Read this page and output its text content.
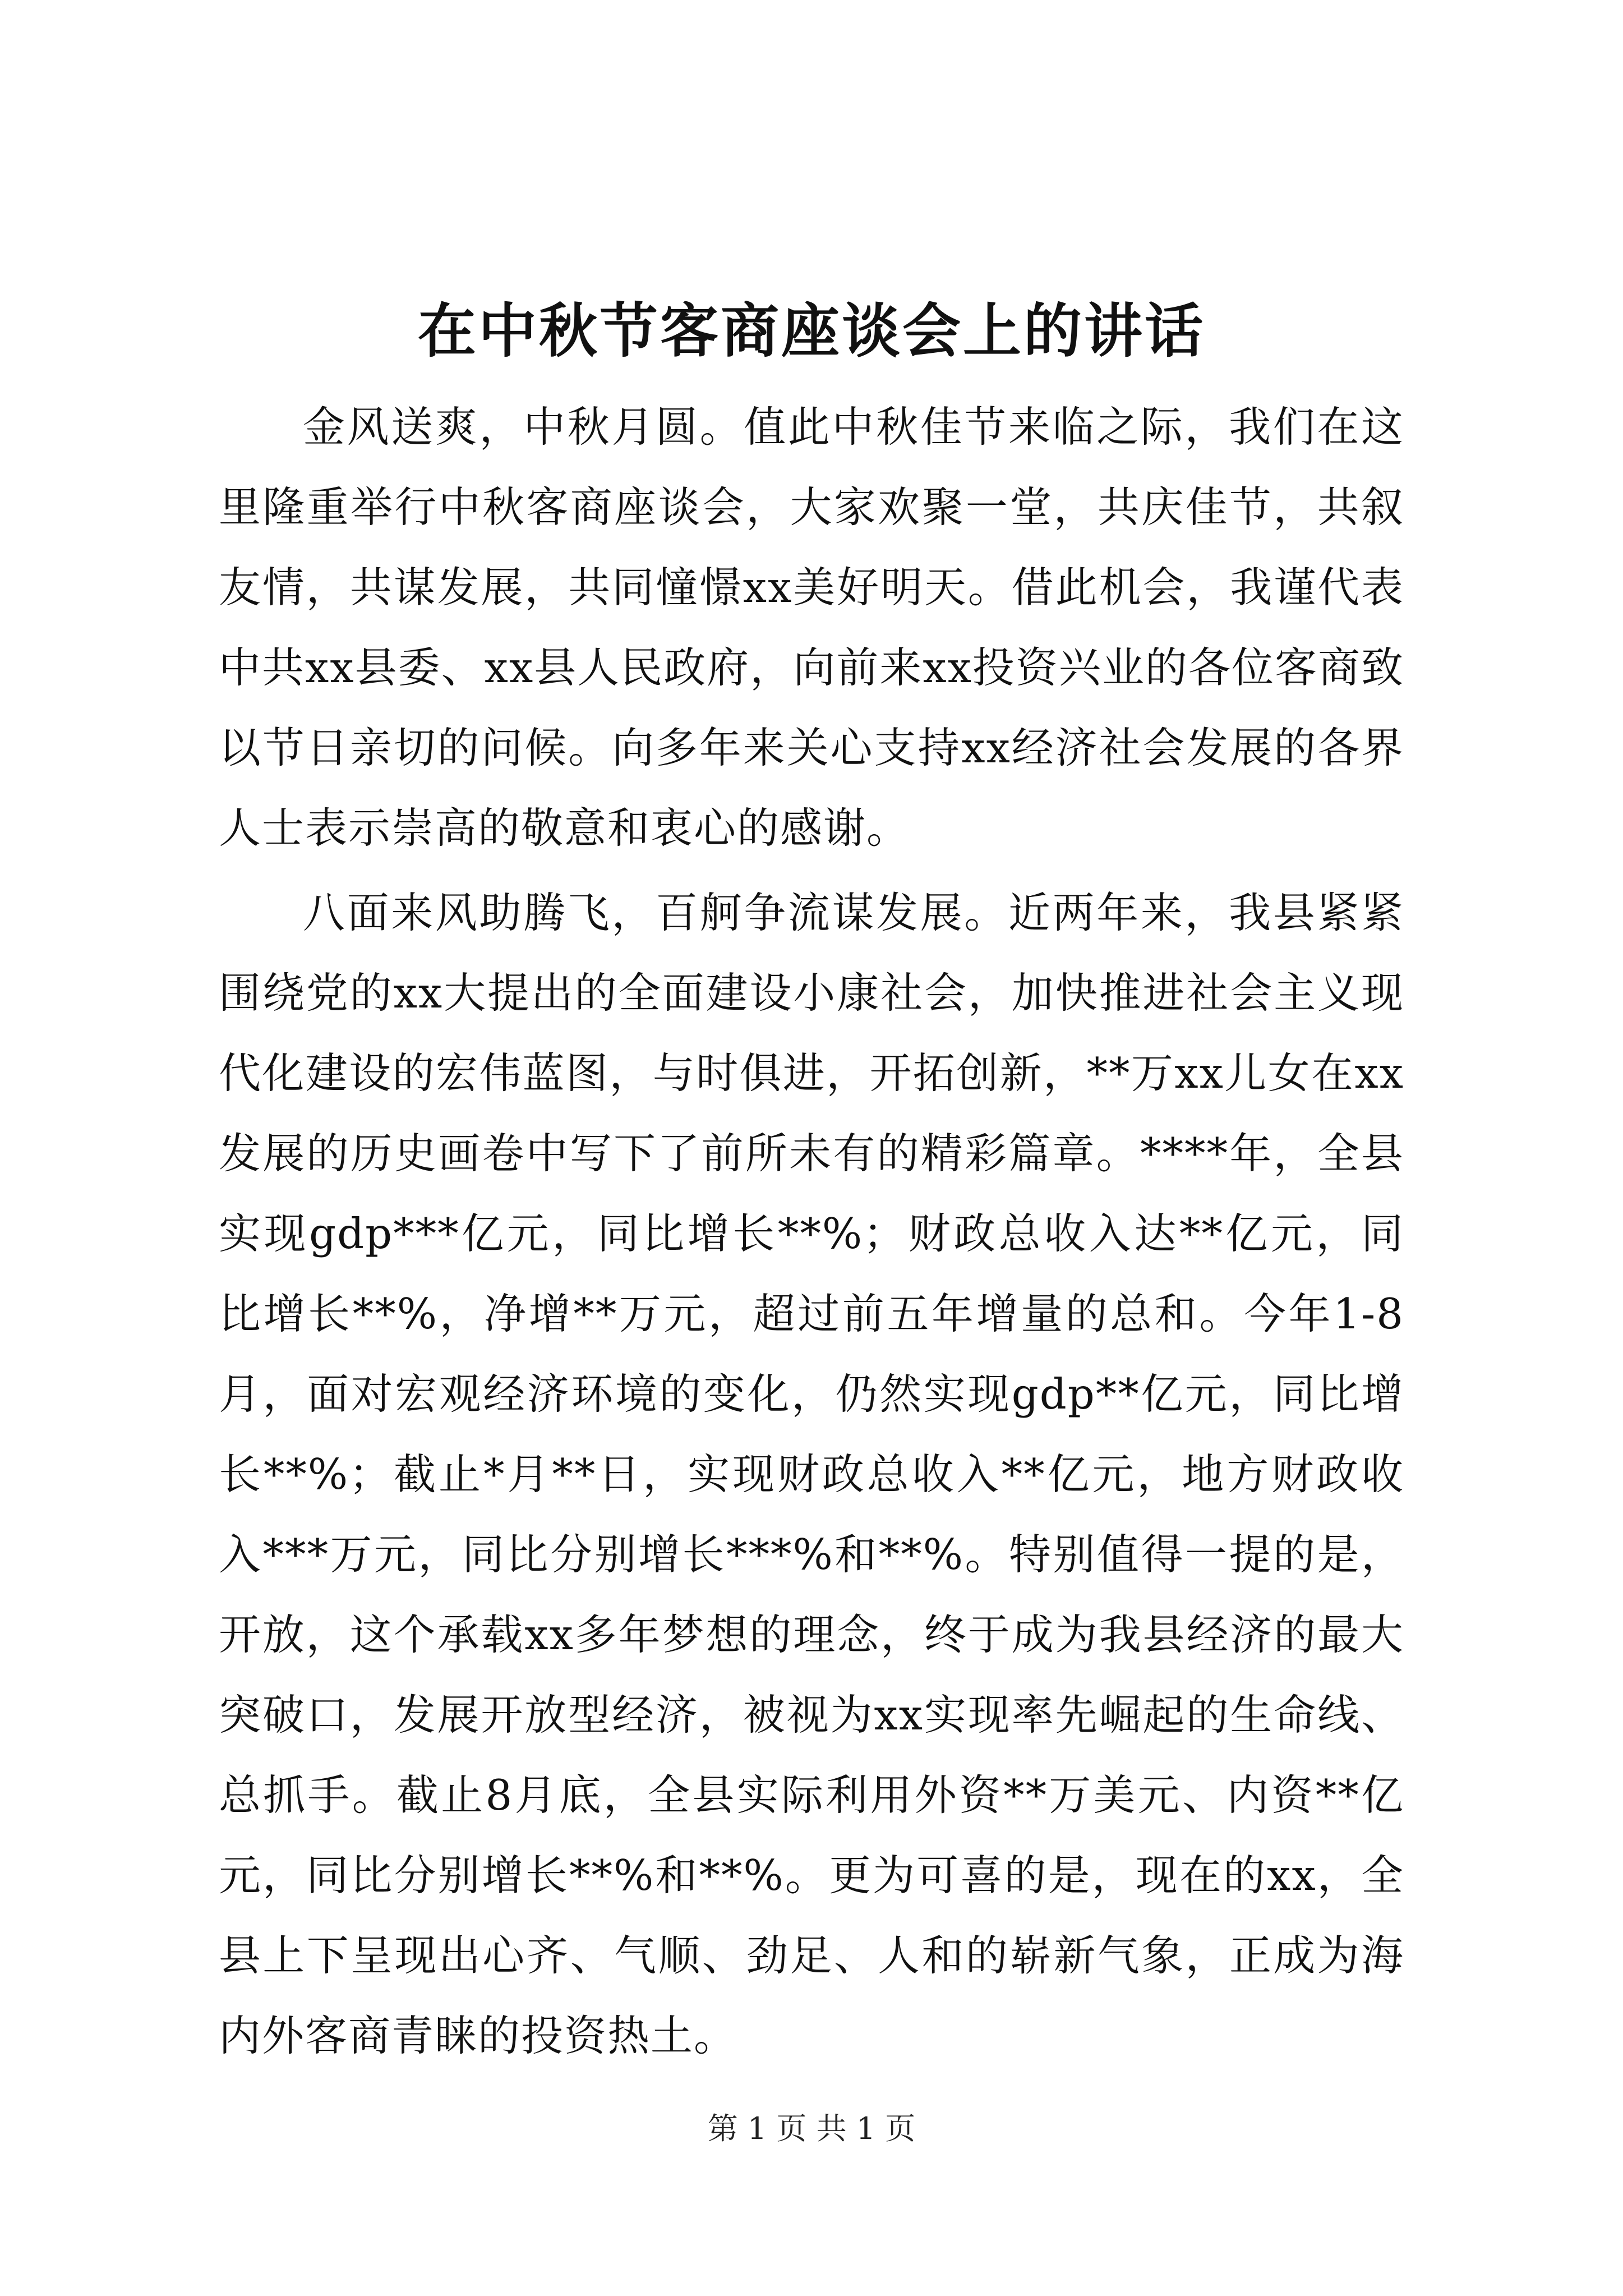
在中秋节客商座谈会上的讲话

金风送爽，中秋月圆。值此中秋佳节来临之际，我们在这里隆重举行中秋客商座谈会，大家欢聚一堂，共庆佳节，共叙友情，共谋发展，共同憧憬xx美好明天。借此机会，我谨代表中共xx县委、xx县人民政府，向前来xx投资兴业的各位客商致以节日亲切的问候。向多年来关心支持xx经济社会发展的各界人士表示崇高的敬意和衷心的感谢。

八面来风助腾飞，百舸争流谋发展。近两年来，我县紧紧围绕党的xx大提出的全面建设小康社会，加快推进社会主义现代化建设的宏伟蓝图，与时俱进，开拓创新，**万xx儿女在xx发展的历史画卷中写下了前所未有的精彩篇章。****年，全县实现gdp***亿元，同比增长**%；财政总收入达**亿元，同比增长**%，净增**万元，超过前五年增量的总和。今年1-8月，面对宏观经济环境的变化，仍然实现gdp**亿元，同比增长**%；截止*月**日，实现财政总收入**亿元，地方财政收入***万元，同比分别增长***%和**%。特别值得一提的是，开放，这个承载xx多年梦想的理念，终于成为我县经济的最大突破口，发展开放型经济，被视为xx实现率先崛起的生命线、总抓手。截止8月底，全县实际利用外资**万美元、内资**亿元，同比分别增长**%和**%。更为可喜的是，现在的xx，全县上下呈现出心齐、气顺、劲足、人和的崭新气象，正成为海内外客商青睐的投资热土。

第 1 页 共 1 页
